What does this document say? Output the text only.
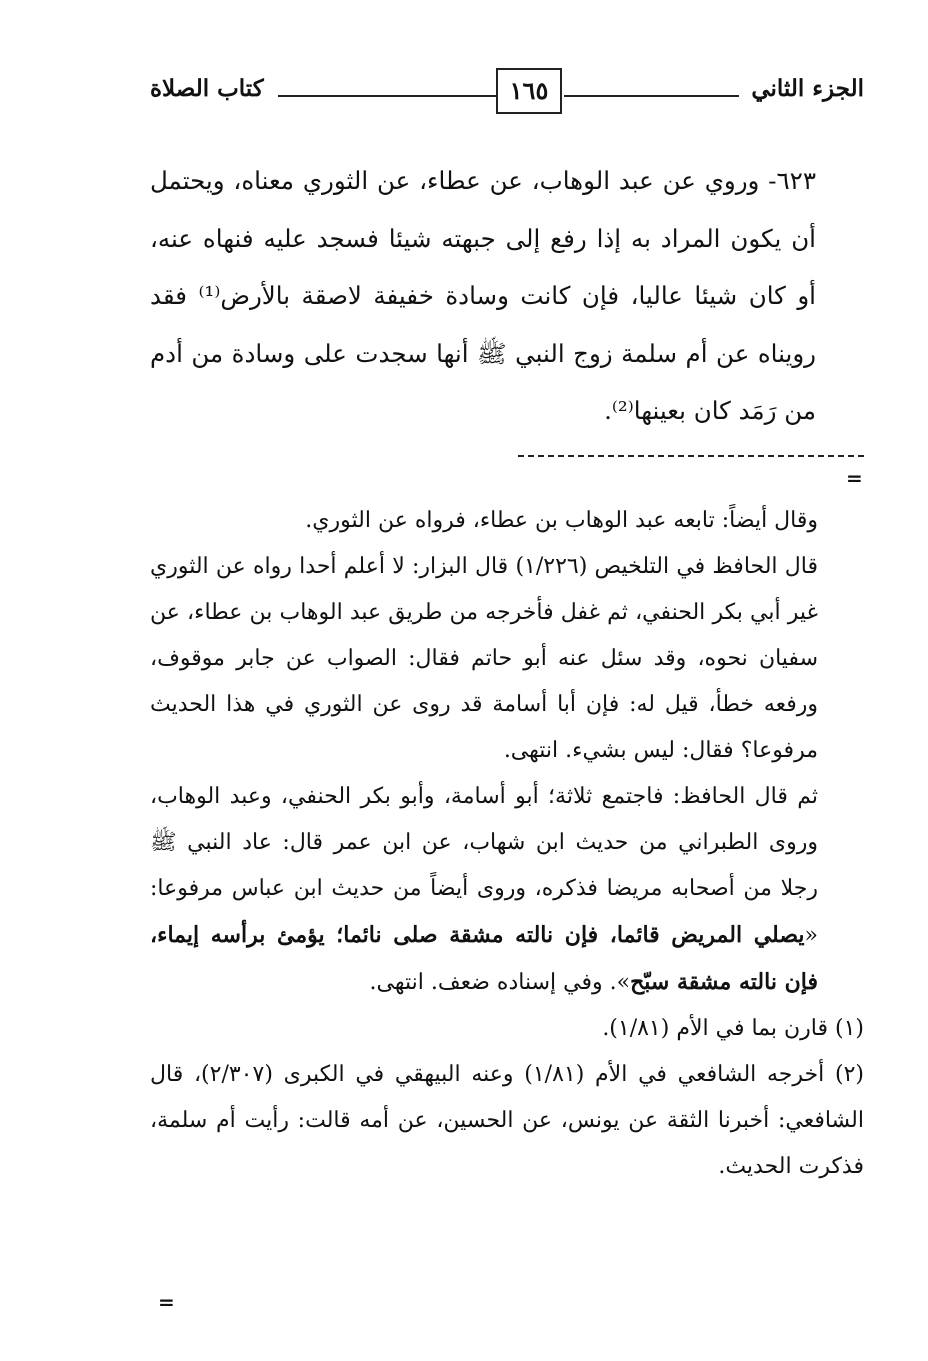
الجزء الثاني
١٦٥
كتاب الصلاة

٦٢٣- وروي عن عبد الوهاب، عن عطاء، عن الثوري معناه، ويحتمل أن يكون المراد به إذا رفع إلى جبهته شيئا فسجد عليه فنهاه عنه، أو كان شيئا عاليا، فإن كانت وسادة خفيفة لاصقة بالأرض⁽¹⁾ فقد رويناه عن أم سلمة زوج النبي ﷺ أنها سجدت على وسادة من أدم من رَمَد كان بعينها⁽²⁾.

=

وقال أيضاً: تابعه عبد الوهاب بن عطاء، فرواه عن الثوري.

قال الحافظ في التلخيص (١/٢٢٦) قال البزار: لا أعلم أحدا رواه عن الثوري غير أبي بكر الحنفي، ثم غفل فأخرجه من طريق عبد الوهاب بن عطاء، عن سفيان نحوه، وقد سئل عنه أبو حاتم فقال: الصواب عن جابر موقوف، ورفعه خطأ، قيل له: فإن أبا أسامة قد روى عن الثوري في هذا الحديث مرفوعا؟ فقال: ليس بشيء. انتهى.

ثم قال الحافظ: فاجتمع ثلاثة؛ أبو أسامة، وأبو بكر الحنفي، وعبد الوهاب، وروى الطبراني من حديث ابن شهاب، عن ابن عمر قال: عاد النبي ﷺ رجلا من أصحابه مريضا فذكره، وروى أيضاً من حديث ابن عباس مرفوعا: «يصلي المريض قائما، فإن نالته مشقة صلى نائما؛ يؤمئ برأسه إيماء، فإن نالته مشقة سبّح». وفي إسناده ضعف. انتهى.

(١) قارن بما في الأم (١/٨١).

(٢) أخرجه الشافعي في الأم (١/٨١) وعنه البيهقي في الكبرى (٢/٣٠٧)، قال الشافعي: أخبرنا الثقة عن يونس، عن الحسين، عن أمه قالت: رأيت أم سلمة، فذكرت الحديث.

=
